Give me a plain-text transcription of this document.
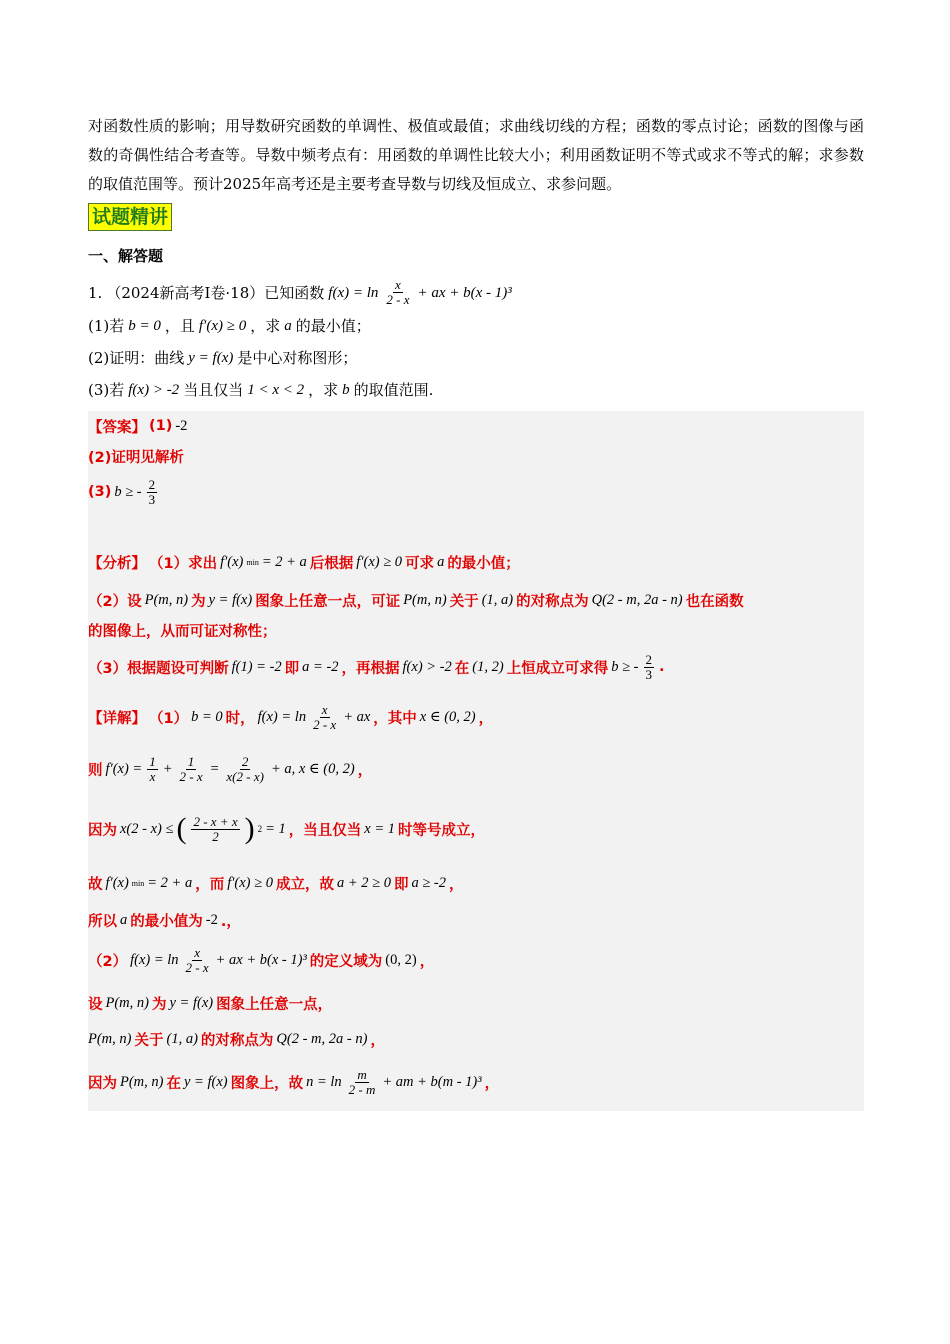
对函数性质的影响；用导数研究函数的单调性、极值或最值；求曲线切线的方程；函数的零点讨论；函数的图像与函数的奇偶性结合考查等。导数中频考点有：用函数的单调性比较大小；利用函数证明不等式或求不等式的解；求参数的取值范围等。预计2025年高考还是主要考查导数与切线及恒成立、求参问题。

试题精讲
一、解答题
1. （2024新高考Ⅰ卷·18）已知函数 $f(x) = \ln \frac{x}{2 - x}$ + ax + b(x - 1)³
(1)若 b = 0 ，且 f′(x) ≥ 0 ，求 a 的最小值；
(2)证明：曲线 y = f(x) 是中心对称图形；
(3)若 f(x) > -2 当且仅当 1 < x < 2 ，求 b 的取值范围.
【答案】 (1) -2
(2)证明见解析
(3) b ≥ - $\frac{2}{3}$
【分析】 （1）求出 f′(x) min = 2 + a 后根据 f′(x) ≥ 0 可求 a 的最小值；
（2）设 P(m, n) 为 y = f(x) 图象上任意一点，可证 P(m, n) 关于 (1, a) 的对称点为 Q(2 - m, 2a - n) 也在函数
的图像上，从而可证对称性；
（3）根据题设可判断 f(1) = -2 即 a = -2 ，再根据 f(x) > -2 在 (1, 2) 上恒成立可求得 b ≥ - $\frac{2}{3}$ .
【详解】 （1） b = 0 时， $f(x) = \ln \frac{x}{2 - x}$ + ax ，其中 x ∈ (0, 2) ，
则 $f'(x) = \frac{1}{x} + \frac{1}{2 - x} = \frac{2}{x(2 - x)} + a$, x ∈ (0, 2) ，
因为 x(2 - x) ≤ ( $\frac{2 - x + x}{2}$ ) 2 = 1 ，当且仅当 x = 1 时等号成立，
故 f′(x) min = 2 + a ，而 f′(x) ≥ 0 成立，故 a + 2 ≥ 0 即 a ≥ -2 ，
所以 a 的最小值为 -2 .，
（2） $f(x) = \ln \frac{x}{2 - x}$ + ax + b(x - 1)³ 的定义域为 (0, 2) ，
设 P(m, n) 为 y = f(x) 图象上任意一点，
P(m, n) 关于 (1, a) 的对称点为 Q(2 - m, 2a - n) ，
因为 P(m, n) 在 y = f(x) 图象上，故 $n = \ln \frac{m}{2 - m}$ + am + b(m - 1)³ ，
